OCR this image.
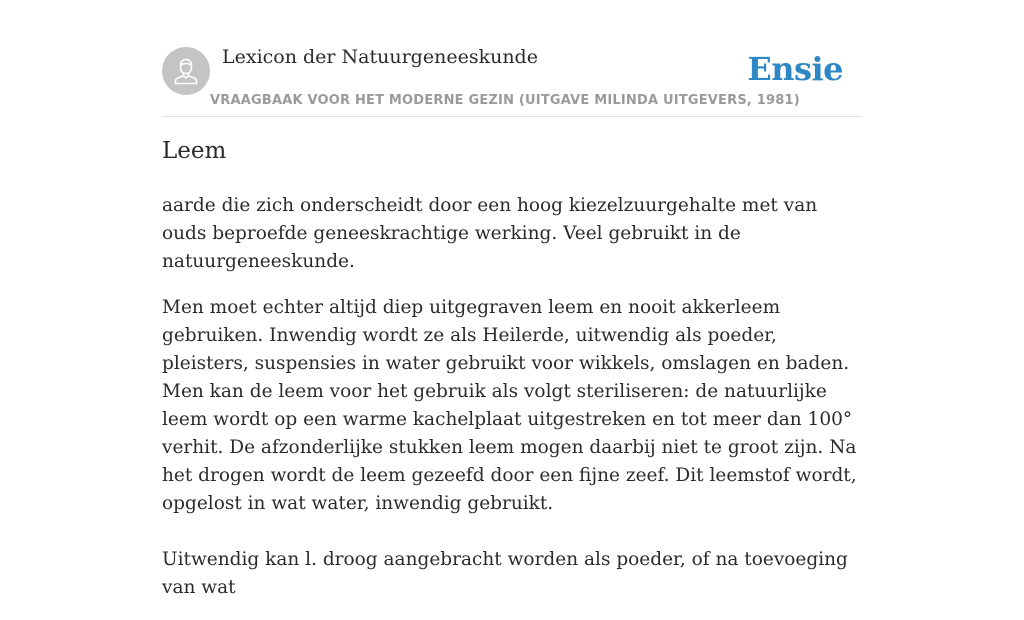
Lexicon der Natuurgeneeskunde
VRAAGBAAK VOOR HET MODERNE GEZIN (UITGAVE MILINDA UITGEVERS, 1981)
Ensie
Leem

aarde die zich onderscheidt door een hoog kiezelzuurgehalte met van ouds beproefde geneeskrachtige werking. Veel gebruikt in de natuurgeneeskunde.

Men moet echter altijd diep uitgegraven leem en nooit akkerleem gebruiken. Inwendig wordt ze als Heilerde, uitwendig als poeder, pleisters, suspensies in water gebruikt voor wikkels, omslagen en baden. Men kan de leem voor het gebruik als volgt steriliseren: de natuurlijke leem wordt op een warme kachelplaat uitgestreken en tot meer dan 100° verhit. De afzonderlijke stukken leem mogen daarbij niet te groot zijn. Na het drogen wordt de leem gezeefd door een fijne zeef. Dit leemstof wordt, opgelost in wat water, inwendig gebruikt.

Uitwendig kan l. droog aangebracht worden als poeder, of na toevoeging van wat
